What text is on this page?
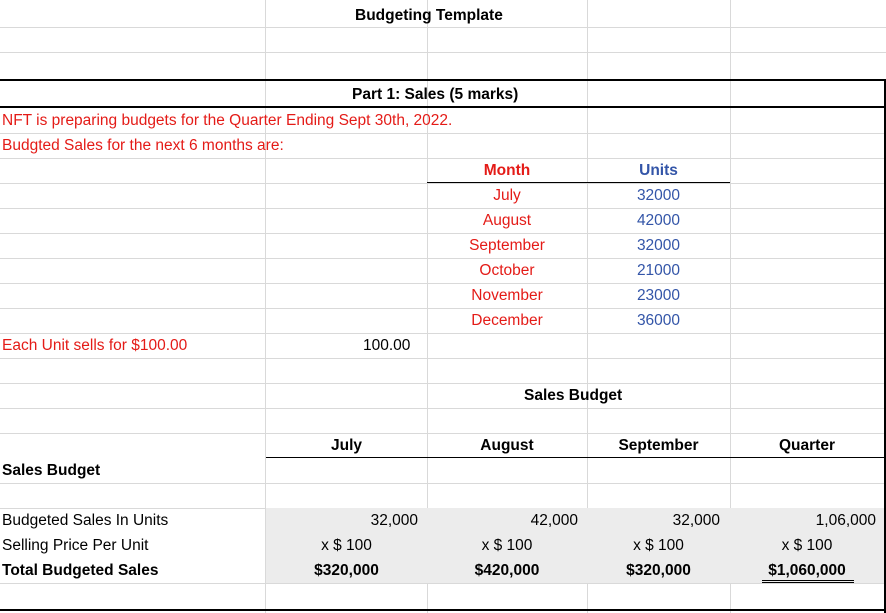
Budgeting Template
Part 1: Sales (5 marks)
NFT is preparing budgets for the Quarter Ending Sept 30th, 2022.
Budgted Sales for the next 6 months are:
Month	Units
July	32000
August	42000
September	32000
October	21000
November	23000
December	36000
Each Unit sells for $100.00	100.00
Sales Budget
July	August	September	Quarter
Sales Budget
Budgeted Sales In Units	32,000	42,000	32,000	1,06,000
Selling Price Per Unit	x $ 100	x $ 100	x $ 100	x $ 100
Total Budgeted Sales	$320,000	$420,000	$320,000	$1,060,000
